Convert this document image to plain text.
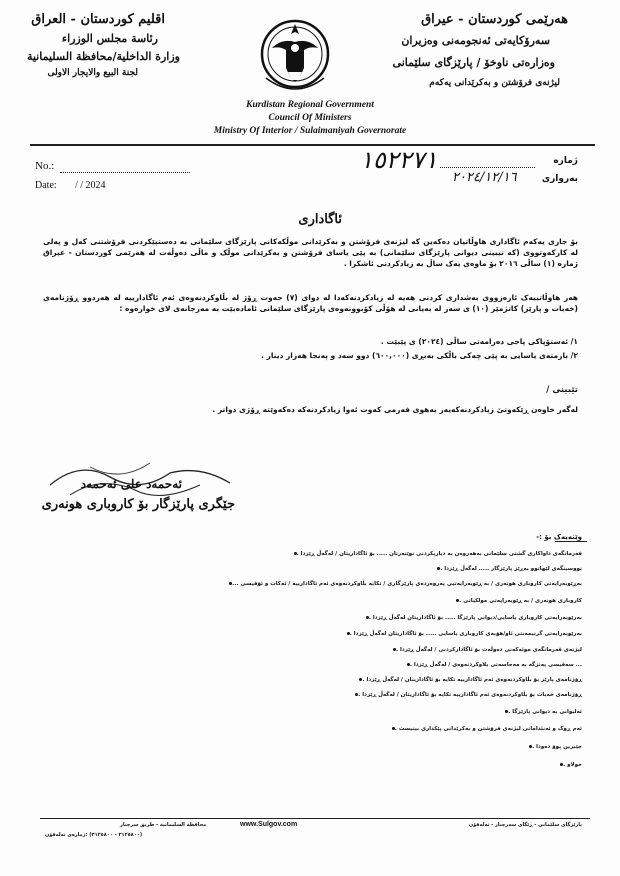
اقليم كوردستان - العراق
رئاسة مجلس الوزراء
وزارة الداخلية/محافظة السليمانية
لجنة البيع والايجار الاولى
هەرێمی کوردستان - عیراق
سەرۆکایەتی ئەنجومەنی وەزیران
وەزارەتی ناوخۆ / پارێزگای سلێمانی
لیژنەی فرۆشتن و بەکرێدانی یەکەم
Kurdistan Regional Government
Council Of Ministers
Ministry Of Interior / Sulaimaniyah Governorate
No.:
Date: / / 2024
١٥٢٢٧١	ژمارە
٢٠٢٤/١٢/١٦	بەرواری
ئاگاداری
بۆ جاری یەکەم ئاگاداری هاوڵاتیان دەکەین کە لیژنەی فرۆشتن و بەکرێدانی موڵکەکانی پارێزگای سلێمانی بە دەستپێکردنی فرۆشتنی کەل و پەلی لە کارکەوتووی (کە تیبینی دیوانی پارێزگای سلێمانی) بە پێی یاسای فرۆشتن و بەکرێدانی موڵک و ماڵی دەوڵەت لە هەرێمی کوردستان - عیراق ژمارە (١) ساڵی ٢٠١٦ بۆ ماوەی یەک ساڵ بە زیادکردنی ئاشکرا .
هەر هاوڵاتییەک ئارەزووی بەشداری کردنی هەیە لە زیادکردنەکەدا لە دوای (٧) حەوت ڕۆژ لە بڵاوکردنەوەی ئەم ئاگادارییە لە هەردوو ڕۆژنامەی (خەبات و پارێز) کاتژمێر (١٠) ی سەر لە بەیانی لە هۆڵی کۆبوونەوەی پارێزگای سلێمانی ئامادەبێت بە مەرجانەی لای خوارەوە :
١/ ئەستۆپاکی پاجی دەرامەتی ساڵی (٢٠٢٤) ی پێبێت .
٢/ بارمتەی یاسایی بە پێی چەکی باڵکی بەبڕی (٦٠٠,٠٠٠) دوو سەد و پەنجا هەزار دینار .
تێبینی /
لەگەر خاوەن ڕێکەوتێ زیادکردنەکەیەر بەهوی فەرمی کەوت ئەوا زیادکردنەکە دەکەوێتە ڕۆژی دواتر .
ئەحمەد علی ئەحمەد
جێگری پارێزگار بۆ کاروباری هونەری
وێنەیەک بۆ :-
فەرمانگەی داواکاری گشتی سلێمانی بەهەروەن بە دیاریکردنی نوێنەرتان ..... بۆ ئاگاداریتان / لەگەڵ ڕێزدا .
نووسینگەی لێهاتوو بەڕێز پارێزگار ..... لەگەڵ ڕێزدا .
بەڕێوبەرایەتی کاروباری هونەری / بە ڕێوبەرایەتیی پەروەردەی پارێزگاری / تکایە بڵاوکردنەوەی ئەم ئاگادارییە / ئەکات و ئۆفیسی ...
کاروباری هونەری / بە ڕێوبەرایەتی مولکیاتی .
بەرێوبەرایەتی کاروباری یاسایی/دیوانی پارێزگا ..... بۆ ئاگاداریتان لەگەڵ ڕێزدا .
بەرێوبەرایەتی گرنیمەنتی ئاو/هۆبەی کاروباری یاسایی ..... بۆ ئاگاداریتان لەگەڵ ڕێزدا .
لیژنەی فەرمانگەی موئەکەنی دەوڵەت بۆ ئاگادارکردنی / لەگەڵ ڕێزدا .
... سەقیسی پەنزگە بە مەحاسەتی بلاوکردنەوەی / لەگەڵ ڕێزدا .
ڕۆژنامەی پارێز بۆ بڵاوکردنەوەی ئەم ئاگادارییە تکایە بۆ ئاگاداریتان / لەگەڵ ڕێزدا .
ڕۆژنامەی خەبات بۆ بڵاوکردنەوەی ئەم ئاگادارییە تکایە بۆ ئاگاداریتان / لەگەڵ ڕێزدا .
ئەلیوانی بە دیوانی پارێزگا .
ئەم ڕوک و ئەنئدامانی لیژنەی فرۆشتن و بەکرێدانی پێکداری بینیست .
جێبرین پوۆ دەودا .
خولاو .
پارێزگای سلێمانی - ڕێگای سەرچنار - تەلەفۆن
www.Sulgov.com
محافظة السليمانية - طريق سرچنار
(٣١٢٥٨٠٠ - ٣١٢٥٨٠٠) :ژمارەی تەلەفۆن
